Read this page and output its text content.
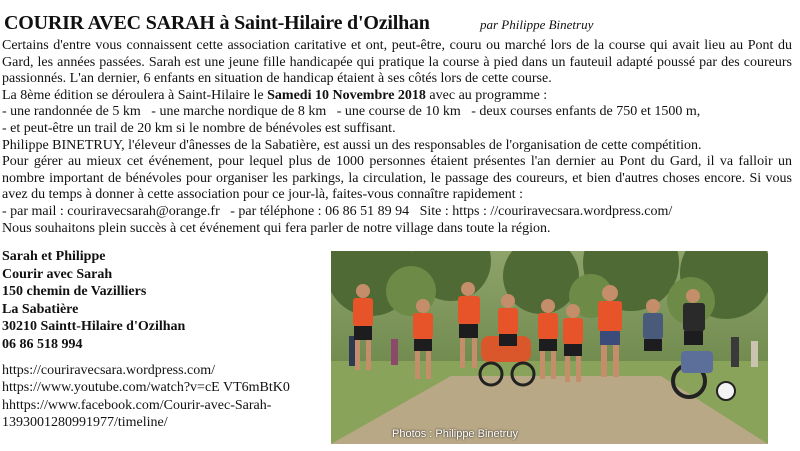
COURIR AVEC SARAH à Saint-Hilaire d'Ozilhan	par Philippe Binetruy

Certains d'entre vous connaissent cette association caritative et ont, peut-être, couru ou marché lors de la course qui avait lieu au Pont du Gard, les années passées. Sarah est une jeune fille handicapée qui pratique la course à pied dans un fauteuil adapté poussé par des coureurs passionnés. L'an dernier, 6 enfants en situation de handicap étaient à ses côtés lors de cette course.

La 8ème édition se déroulera à Saint-Hilaire le Samedi 10 Novembre 2018 avec au programme :

- une randonnée de 5 km   - une marche nordique de 8 km   - une course de 10 km   - deux courses enfants de 750 et 1500 m,

- et peut-être un trail de 20 km si le nombre de bénévoles est suffisant.

Philippe BINETRUY, l'éleveur d'ânesses de la Sabatière, est aussi un des responsables de l'organisation de cette compétition.

Pour gérer au mieux cet événement, pour lequel plus de 1000 personnes étaient présentes l'an dernier au Pont du Gard, il va falloir un nombre important de bénévoles pour organiser les parkings, la circulation, le passage des coureurs, et bien d'autres choses encore. Si vous avez du temps à donner à cette association pour ce jour-là, faites-vous connaître rapidement :

- par mail : couriravecsarah@orange.fr   - par téléphone : 06 86 51 89 94   Site : https : //couriravecsara.wordpress.com/

Nous souhaitons plein succès à cet événement qui fera parler de notre village dans toute la région.

Sarah et Philippe
Courir avec Sarah
150 chemin de Vazilliers
La Sabatière
30210 Saintt-Hilaire d'Ozilhan
06 86 518 994
https://couriravecsara.wordpress.com/
https://www.youtube.com/watch?v=cE VT6mBtK0
hhttps://www.facebook.com/Courir-avec-Sarah-
1393001280991977/timeline/
Photos : Philippe Binetruy
